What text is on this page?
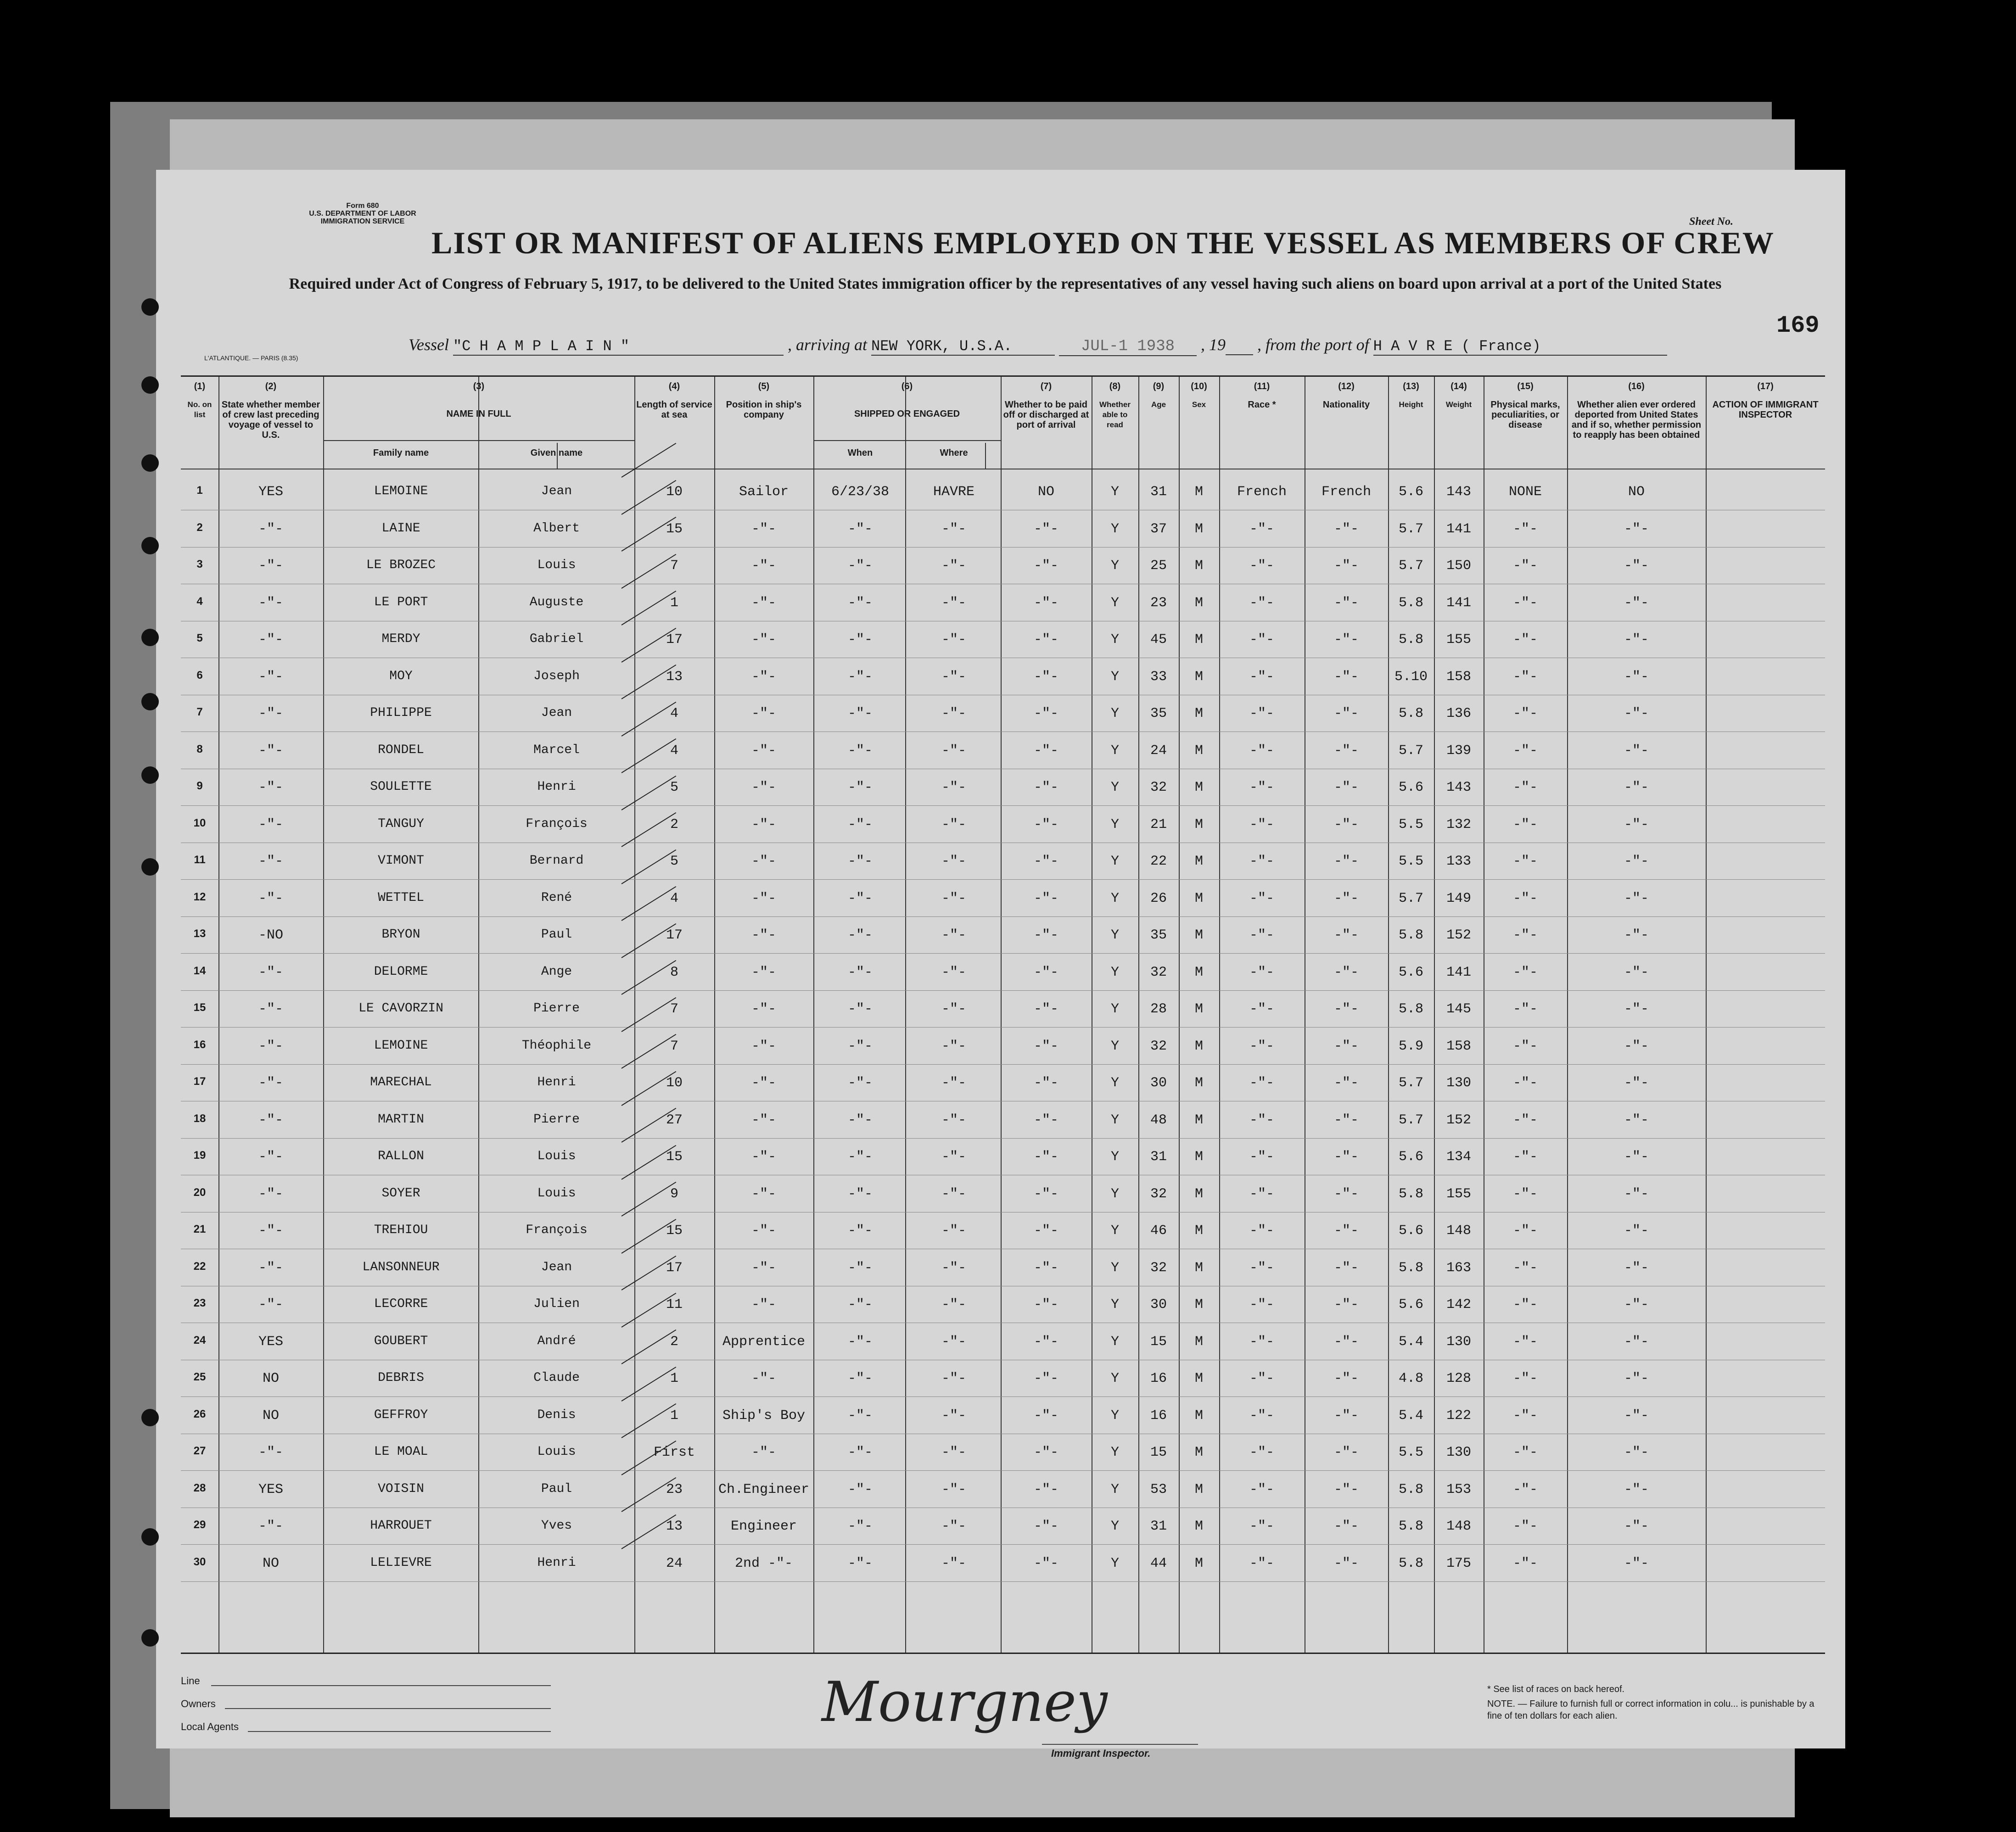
Form 680
U.S. DEPARTMENT OF LABOR
IMMIGRATION SERVICE	Sheet No.
LIST OR MANIFEST OF ALIENS EMPLOYED ON THE VESSEL AS MEMBERS OF CREW
Required under Act of Congress of February 5, 1917, to be delivered to the United States immigration officer by the representatives of any vessel having such aliens on board upon arrival at a port of the United States
169
L'ATLANTIQUE. — PARIS (8.35)
Vessel "C H A M P L A I N "	, arriving at NEW YORK, U.S.A.	JUL-1 1938 , 19 , from the port of H A V R E ( France)
(1)
No. on list
(2)
State whether member of crew last preceding voyage of vessel to U.S.
(3)
NAME IN FULL
Family name	Given name
(4)
Length of service at sea
(5)
Position in ship's company
(6)
SHIPPED OR ENGAGED
When	Where
(7)
Whether to be paid off or discharged at port of arrival
(8)
Whether able to read
(9)
Age
(10)
Sex
(11)
Race *
(12)
Nationality
(13)
Height
(14)
Weight
(15)
Physical marks, peculiarities, or disease
(16)
Whether alien ever ordered deported from United States and if so, whether permission to reapply has been obtained
(17)
ACTION OF IMMIGRANT INSPECTOR
1	YES	LEMOINE	Jean	10	Sailor	6/23/38	HAVRE	NO	Y	31	M	French	French	5.6	143	NONE	NO
2	-"-	LAINE	Albert	15	-"-	-"-	-"-	-"-	Y	37	M	-"-	-"-	5.7	141	-"-	-"-
3	-"-	LE BROZEC	Louis	7	-"-	-"-	-"-	-"-	Y	25	M	-"-	-"-	5.7	150	-"-	-"-
4	-"-	LE PORT	Auguste	1	-"-	-"-	-"-	-"-	Y	23	M	-"-	-"-	5.8	141	-"-	-"-
5	-"-	MERDY	Gabriel	17	-"-	-"-	-"-	-"-	Y	45	M	-"-	-"-	5.8	155	-"-	-"-
6	-"-	MOY	Joseph	13	-"-	-"-	-"-	-"-	Y	33	M	-"-	-"-	5.10	158	-"-	-"-
7	-"-	PHILIPPE	Jean	4	-"-	-"-	-"-	-"-	Y	35	M	-"-	-"-	5.8	136	-"-	-"-
8	-"-	RONDEL	Marcel	4	-"-	-"-	-"-	-"-	Y	24	M	-"-	-"-	5.7	139	-"-	-"-
9	-"-	SOULETTE	Henri	5	-"-	-"-	-"-	-"-	Y	32	M	-"-	-"-	5.6	143	-"-	-"-
10	-"-	TANGUY	François	2	-"-	-"-	-"-	-"-	Y	21	M	-"-	-"-	5.5	132	-"-	-"-
11	-"-	VIMONT	Bernard	5	-"-	-"-	-"-	-"-	Y	22	M	-"-	-"-	5.5	133	-"-	-"-
12	-"-	WETTEL	René	4	-"-	-"-	-"-	-"-	Y	26	M	-"-	-"-	5.7	149	-"-	-"-
13	-NO	BRYON	Paul	17	-"-	-"-	-"-	-"-	Y	35	M	-"-	-"-	5.8	152	-"-	-"-
14	-"-	DELORME	Ange	8	-"-	-"-	-"-	-"-	Y	32	M	-"-	-"-	5.6	141	-"-	-"-
15	-"-	LE CAVORZIN	Pierre	7	-"-	-"-	-"-	-"-	Y	28	M	-"-	-"-	5.8	145	-"-	-"-
16	-"-	LEMOINE	Théophile	7	-"-	-"-	-"-	-"-	Y	32	M	-"-	-"-	5.9	158	-"-	-"-
17	-"-	MARECHAL	Henri	10	-"-	-"-	-"-	-"-	Y	30	M	-"-	-"-	5.7	130	-"-	-"-
18	-"-	MARTIN	Pierre	27	-"-	-"-	-"-	-"-	Y	48	M	-"-	-"-	5.7	152	-"-	-"-
19	-"-	RALLON	Louis	15	-"-	-"-	-"-	-"-	Y	31	M	-"-	-"-	5.6	134	-"-	-"-
20	-"-	SOYER	Louis	9	-"-	-"-	-"-	-"-	Y	32	M	-"-	-"-	5.8	155	-"-	-"-
21	-"-	TREHIOU	François	15	-"-	-"-	-"-	-"-	Y	46	M	-"-	-"-	5.6	148	-"-	-"-
22	-"-	LANSONNEUR	Jean	17	-"-	-"-	-"-	-"-	Y	32	M	-"-	-"-	5.8	163	-"-	-"-
23	-"-	LECORRE	Julien	11	-"-	-"-	-"-	-"-	Y	30	M	-"-	-"-	5.6	142	-"-	-"-
24	YES	GOUBERT	André	2	Apprentice	-"-	-"-	-"-	Y	15	M	-"-	-"-	5.4	130	-"-	-"-
25	NO	DEBRIS	Claude	1	-"-	-"-	-"-	-"-	Y	16	M	-"-	-"-	4.8	128	-"-	-"-
26	NO	GEFFROY	Denis	1	Ship's Boy	-"-	-"-	-"-	Y	16	M	-"-	-"-	5.4	122	-"-	-"-
27	-"-	LE MOAL	Louis	First	-"-	-"-	-"-	-"-	Y	15	M	-"-	-"-	5.5	130	-"-	-"-
28	YES	VOISIN	Paul	23	Ch.Engineer	-"-	-"-	-"-	Y	53	M	-"-	-"-	5.8	153	-"-	-"-
29	-"-	HARROUET	Yves	13	Engineer	-"-	-"-	-"-	Y	31	M	-"-	-"-	5.8	148	-"-	-"-
30	NO	LELIEVRE	Henri	24	2nd -"-	-"-	-"-	-"-	Y	44	M	-"-	-"-	5.8	175	-"-	-"-
Line
Owners
Local Agents	Mourgney
Immigrant Inspector.
* See list of races on back hereof.
NOTE. — Failure to furnish full or correct information in colu... is punishable by a fine of ten dollars for each alien.
